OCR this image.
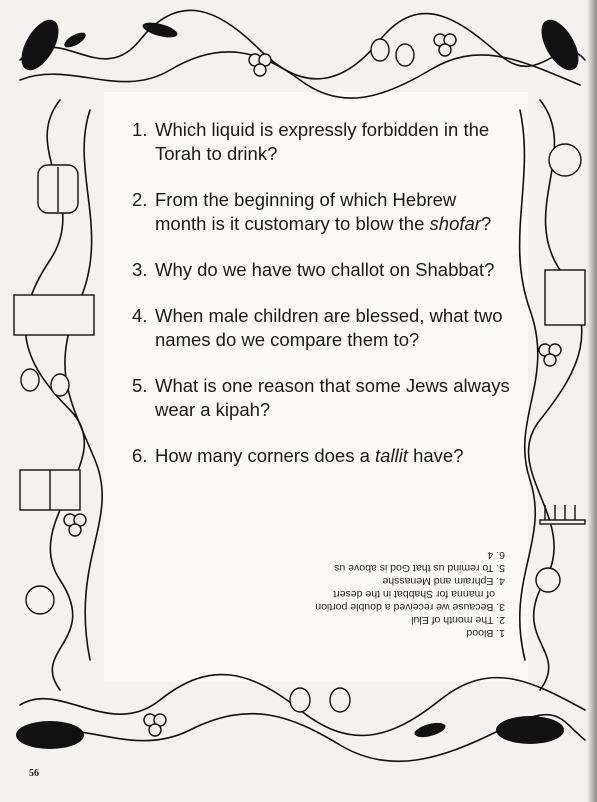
1. Which liquid is expressly forbidden in the Torah to drink?
2. From the beginning of which Hebrew month is it customary to blow the shofar?
3. Why do we have two challot on Shabbat?
4. When male children are blessed, what two names do we compare them to?
5. What is one reason that some Jews always wear a kipah?
6. How many corners does a tallit have?
1. Blood
2. The month of Elul
3. Because we received a double portion
of manna for Shabbat in the desert
4. Ephraim and Menasshe
5. To remind us that God is above us
6. 4
56
